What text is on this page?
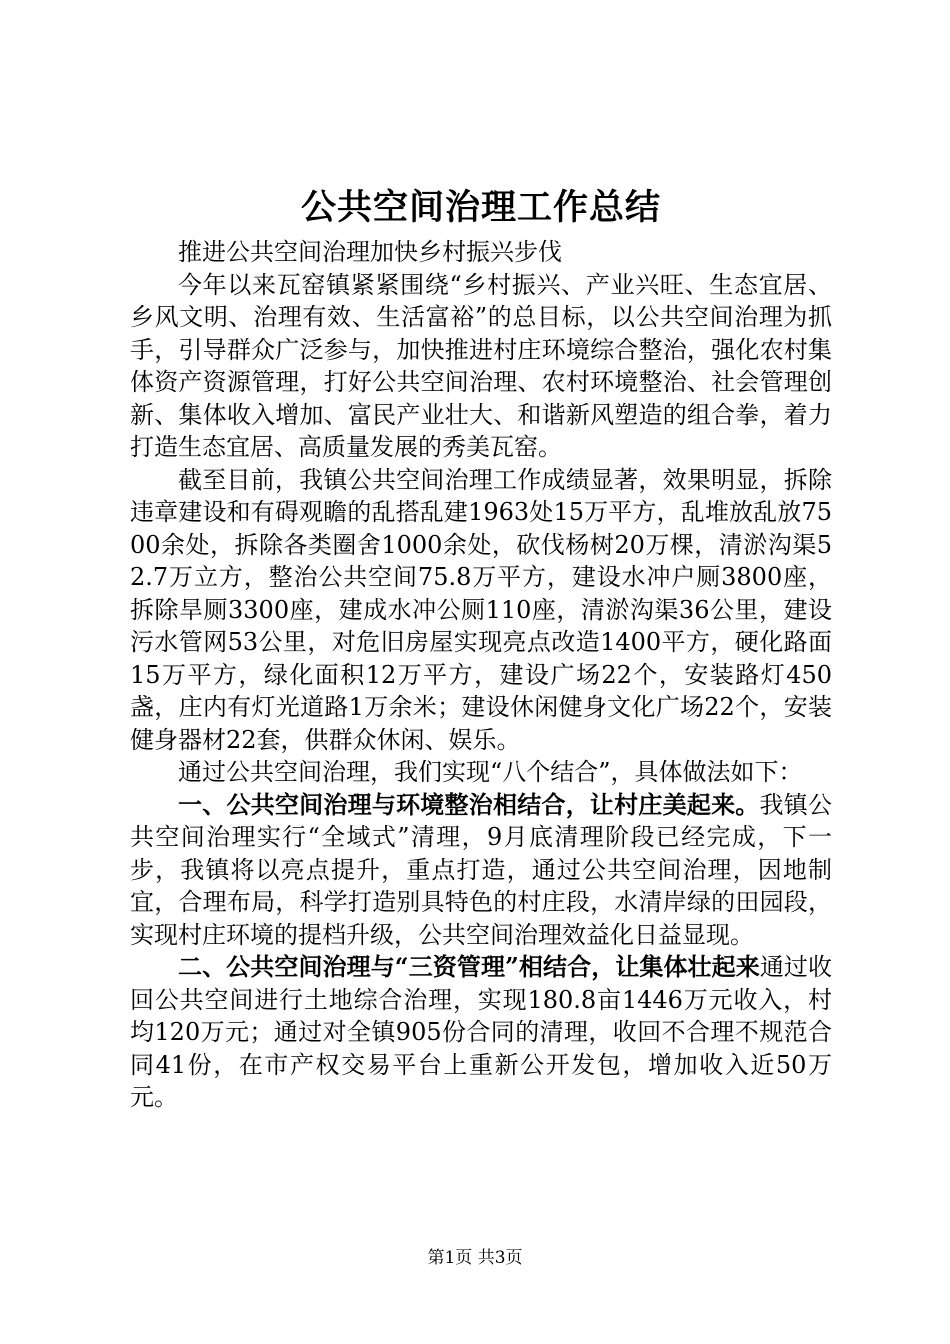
公共空间治理工作总结

推进公共空间治理加快乡村振兴步伐

今年以来瓦窑镇紧紧围绕“乡村振兴、产业兴旺、生态宜居、乡风文明、治理有效、生活富裕”的总目标，以公共空间治理为抓手，引导群众广泛参与，加快推进村庄环境综合整治，强化农村集体资产资源管理，打好公共空间治理、农村环境整治、社会管理创新、集体收入增加、富民产业壮大、和谐新风塑造的组合拳，着力打造生态宜居、高质量发展的秀美瓦窑。

截至目前，我镇公共空间治理工作成绩显著，效果明显，拆除违章建设和有碍观瞻的乱搭乱建1963处15万平方，乱堆放乱放7500余处，拆除各类圈舍1000余处，砍伐杨树20万棵，清淤沟渠52.7万立方，整治公共空间75.8万平方，建设水冲户厕3800座，拆除旱厕3300座，建成水冲公厕110座，清淤沟渠36公里，建设污水管网53公里，对危旧房屋实现亮点改造1400平方，硬化路面15万平方，绿化面积12万平方，建设广场22个，安装路灯450盏，庄内有灯光道路1万余米；建设休闲健身文化广场22个，安装健身器材22套，供群众休闲、娱乐。

通过公共空间治理，我们实现“八个结合”，具体做法如下：

一、公共空间治理与环境整治相结合，让村庄美起来。我镇公共空间治理实行“全域式”清理，9月底清理阶段已经完成，下一步，我镇将以亮点提升，重点打造，通过公共空间治理，因地制宜，合理布局，科学打造别具特色的村庄段，水清岸绿的田园段，实现村庄环境的提档升级，公共空间治理效益化日益显现。

二、公共空间治理与“三资管理”相结合，让集体壮起来通过收回公共空间进行土地综合治理，实现180.8亩1446万元收入，村均120万元；通过对全镇905份合同的清理，收回不合理不规范合同41份，在市产权交易平台上重新公开发包，增加收入近50万元。

第1页 共3页
